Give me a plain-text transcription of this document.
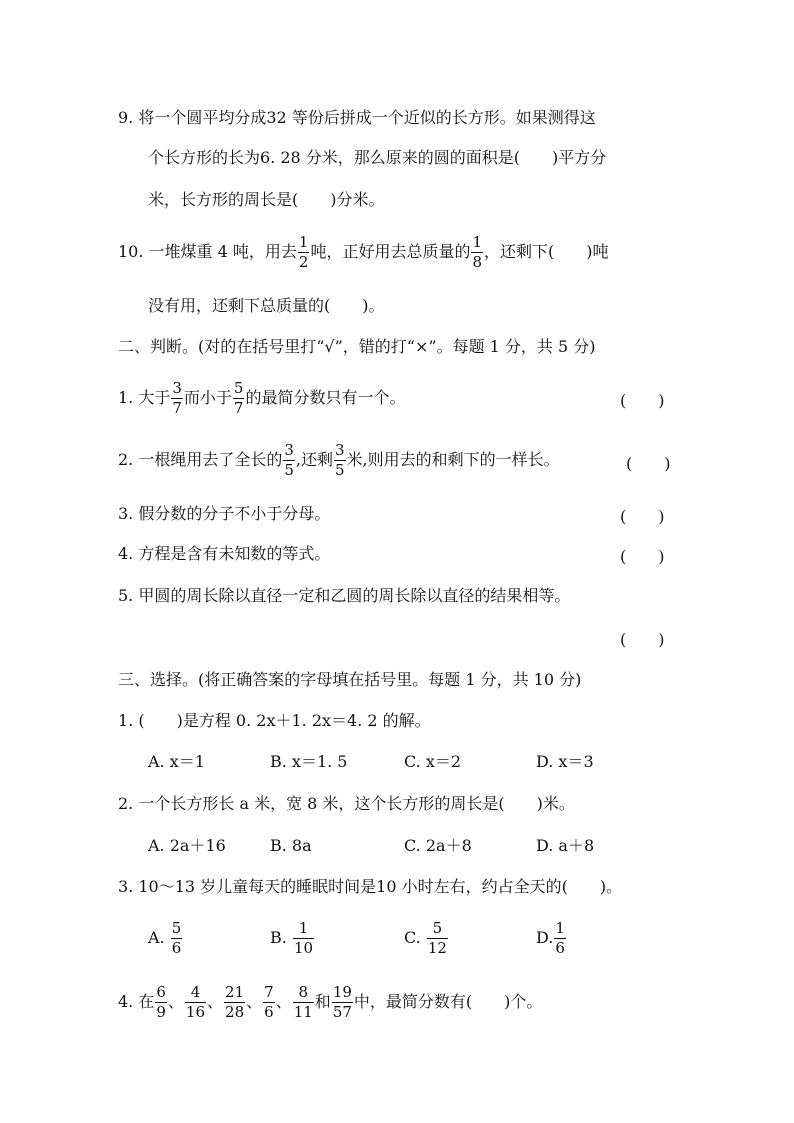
9. 将一个圆平均分成32 等份后拼成一个近似的长方形。如果测得这
个长方形的长为6. 28 分米，那么原来的圆的面积是(　　)平方分
米，长方形的周长是(　　)分米。
10. 一堆煤重 4 吨，用去 $\frac{1}{2}$ 吨，正好用去总质量的 $\frac{1}{8}$ ，还剩下(　　)吨
没有用，还剩下总质量的(　　)。
二、判断。(对的在括号里打“√”，错的打“×”。每题 1 分，共 5 分)
1. 大于 $\frac{3}{7}$ 而小于 $\frac{5}{7}$ 的最简分数只有一个。	(　　)
2. 一根绳用去了全长的 $\frac{3}{5}$ ,还剩 $\frac{3}{5}$ 米,则用去的和剩下的一样长。	(　　)
3. 假分数的分子不小于分母。	(　　)
4. 方程是含有未知数的等式。	(　　)
5. 甲圆的周长除以直径一定和乙圆的周长除以直径的结果相等。
(　　)
三、选择。(将正确答案的字母填在括号里。每题 1 分，共 10 分)
1. (　　)是方程 0. 2x＋1. 2x＝4. 2 的解。
A. x＝1	B. x＝1. 5	C. x＝2	D. x＝3
2. 一个长方形长 a 米，宽 8 米，这个长方形的周长是(　　)米。
A. 2a＋16	B. 8a	C. 2a＋8	D. a＋8
3. 10～13 岁儿童每天的睡眠时间是10 小时左右，约占全天的(　　)。
A. $\frac{5}{6}$	B. $\frac{1}{10}$	C. $\frac{5}{12}$	D. $\frac{1}{6}$
4. 在 $\frac{6}{9}$ 、 $\frac{4}{16}$ 、 $\frac{21}{28}$ 、 $\frac{7}{6}$ 、 $\frac{8}{11}$ 和 $\frac{19}{57}$ 中，最简分数有(　　)个。
